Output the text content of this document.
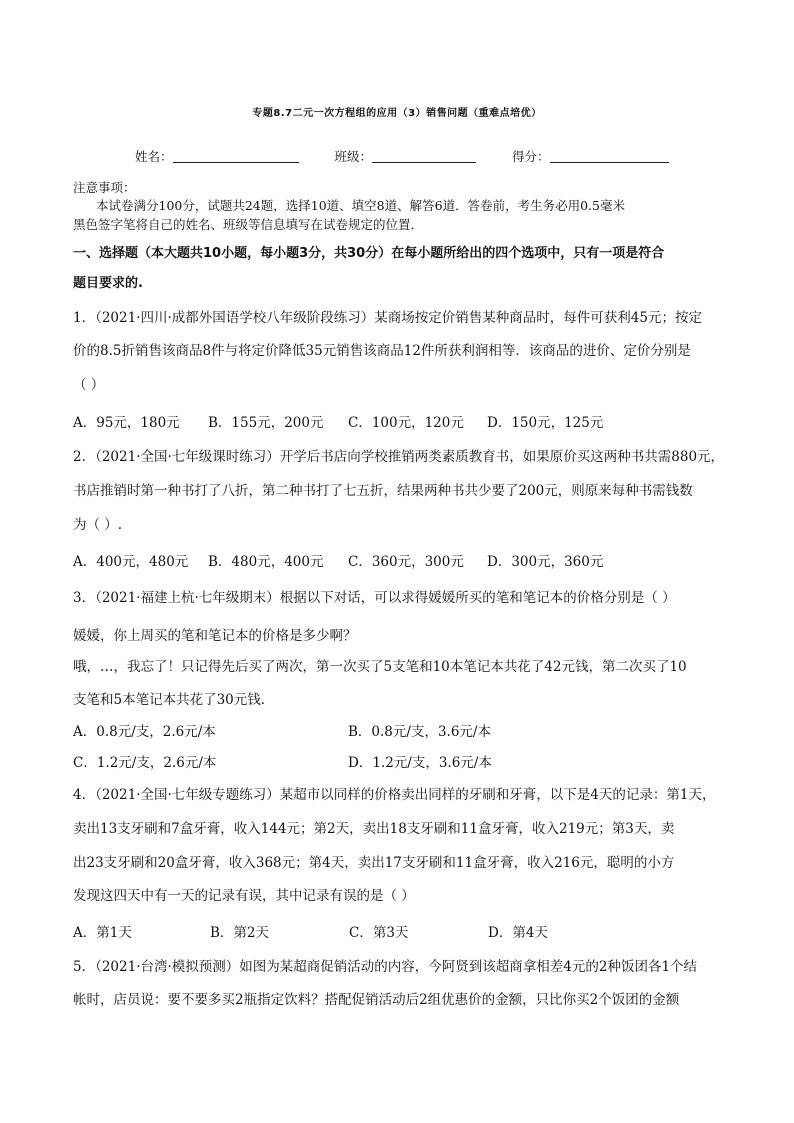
专题8.7二元一次方程组的应用（3）销售问题（重难点培优）
姓名：	班级：	得分：
注意事项：
本试卷满分100分，试题共24题，选择10道、填空8道、解答6道．答卷前，考生务必用0.5毫米
黑色签字笔将自己的姓名、班级等信息填写在试卷规定的位置．
一、选择题（本大题共10小题，每小题3分，共30分）在每小题所给出的四个选项中，只有一项是符合
题目要求的.
1．（2021·四川·成都外国语学校八年级阶段练习）某商场按定价销售某种商品时，每件可获利45元；按定
价的8.5折销售该商品8件与将定价降低35元销售该商品12件所获利润相等．该商品的进价、定价分别是
（ ）
A．95元，180元 B．155元，200元 C．100元，120元 D．150元，125元
2．（2021·全国·七年级课时练习）开学后书店向学校推销两类素质教育书，如果原价买这两种书共需880元，
书店推销时第一种书打了八折，第二种书打了七五折，结果两种书共少要了200元，则原来每种书需钱数
为（ ）.
A．400元，480元 B．480元，400元 C．360元，300元 D．300元，360元
3．（2021·福建上杭·七年级期末）根据以下对话，可以求得媛媛所买的笔和笔记本的价格分别是（ ）
媛媛，你上周买的笔和笔记本的价格是多少啊？
哦，…，我忘了！只记得先后买了两次，第一次买了5支笔和10本笔记本共花了42元钱，第二次买了10
支笔和5本笔记本共花了30元钱．
A．0.8元/支，2.6元/本	B．0.8元/支，3.6元/本
C．1.2元/支，2.6元/本	D．1.2元/支，3.6元/本
4．（2021·全国·七年级专题练习）某超市以同样的价格卖出同样的牙刷和牙膏，以下是4天的记录：第1天，
卖出13支牙刷和7盒牙膏，收入144元；第2天，卖出18支牙刷和11盒牙膏，收入219元；第3天，卖
出23支牙刷和20盒牙膏，收入368元；第4天，卖出17支牙刷和11盒牙膏，收入216元，聪明的小方
发现这四天中有一天的记录有误，其中记录有误的是（ ）
A．第1天	B．第2天	C．第3天	D．第4天
5．（2021·台湾·模拟预测）如图为某超商促销活动的内容，今阿贤到该超商拿相差4元的2种饭团各1个结
帐时，店员说：要不要多买2瓶指定饮料？搭配促销活动后2组优惠价的金额，只比你买2个饭团的金额
